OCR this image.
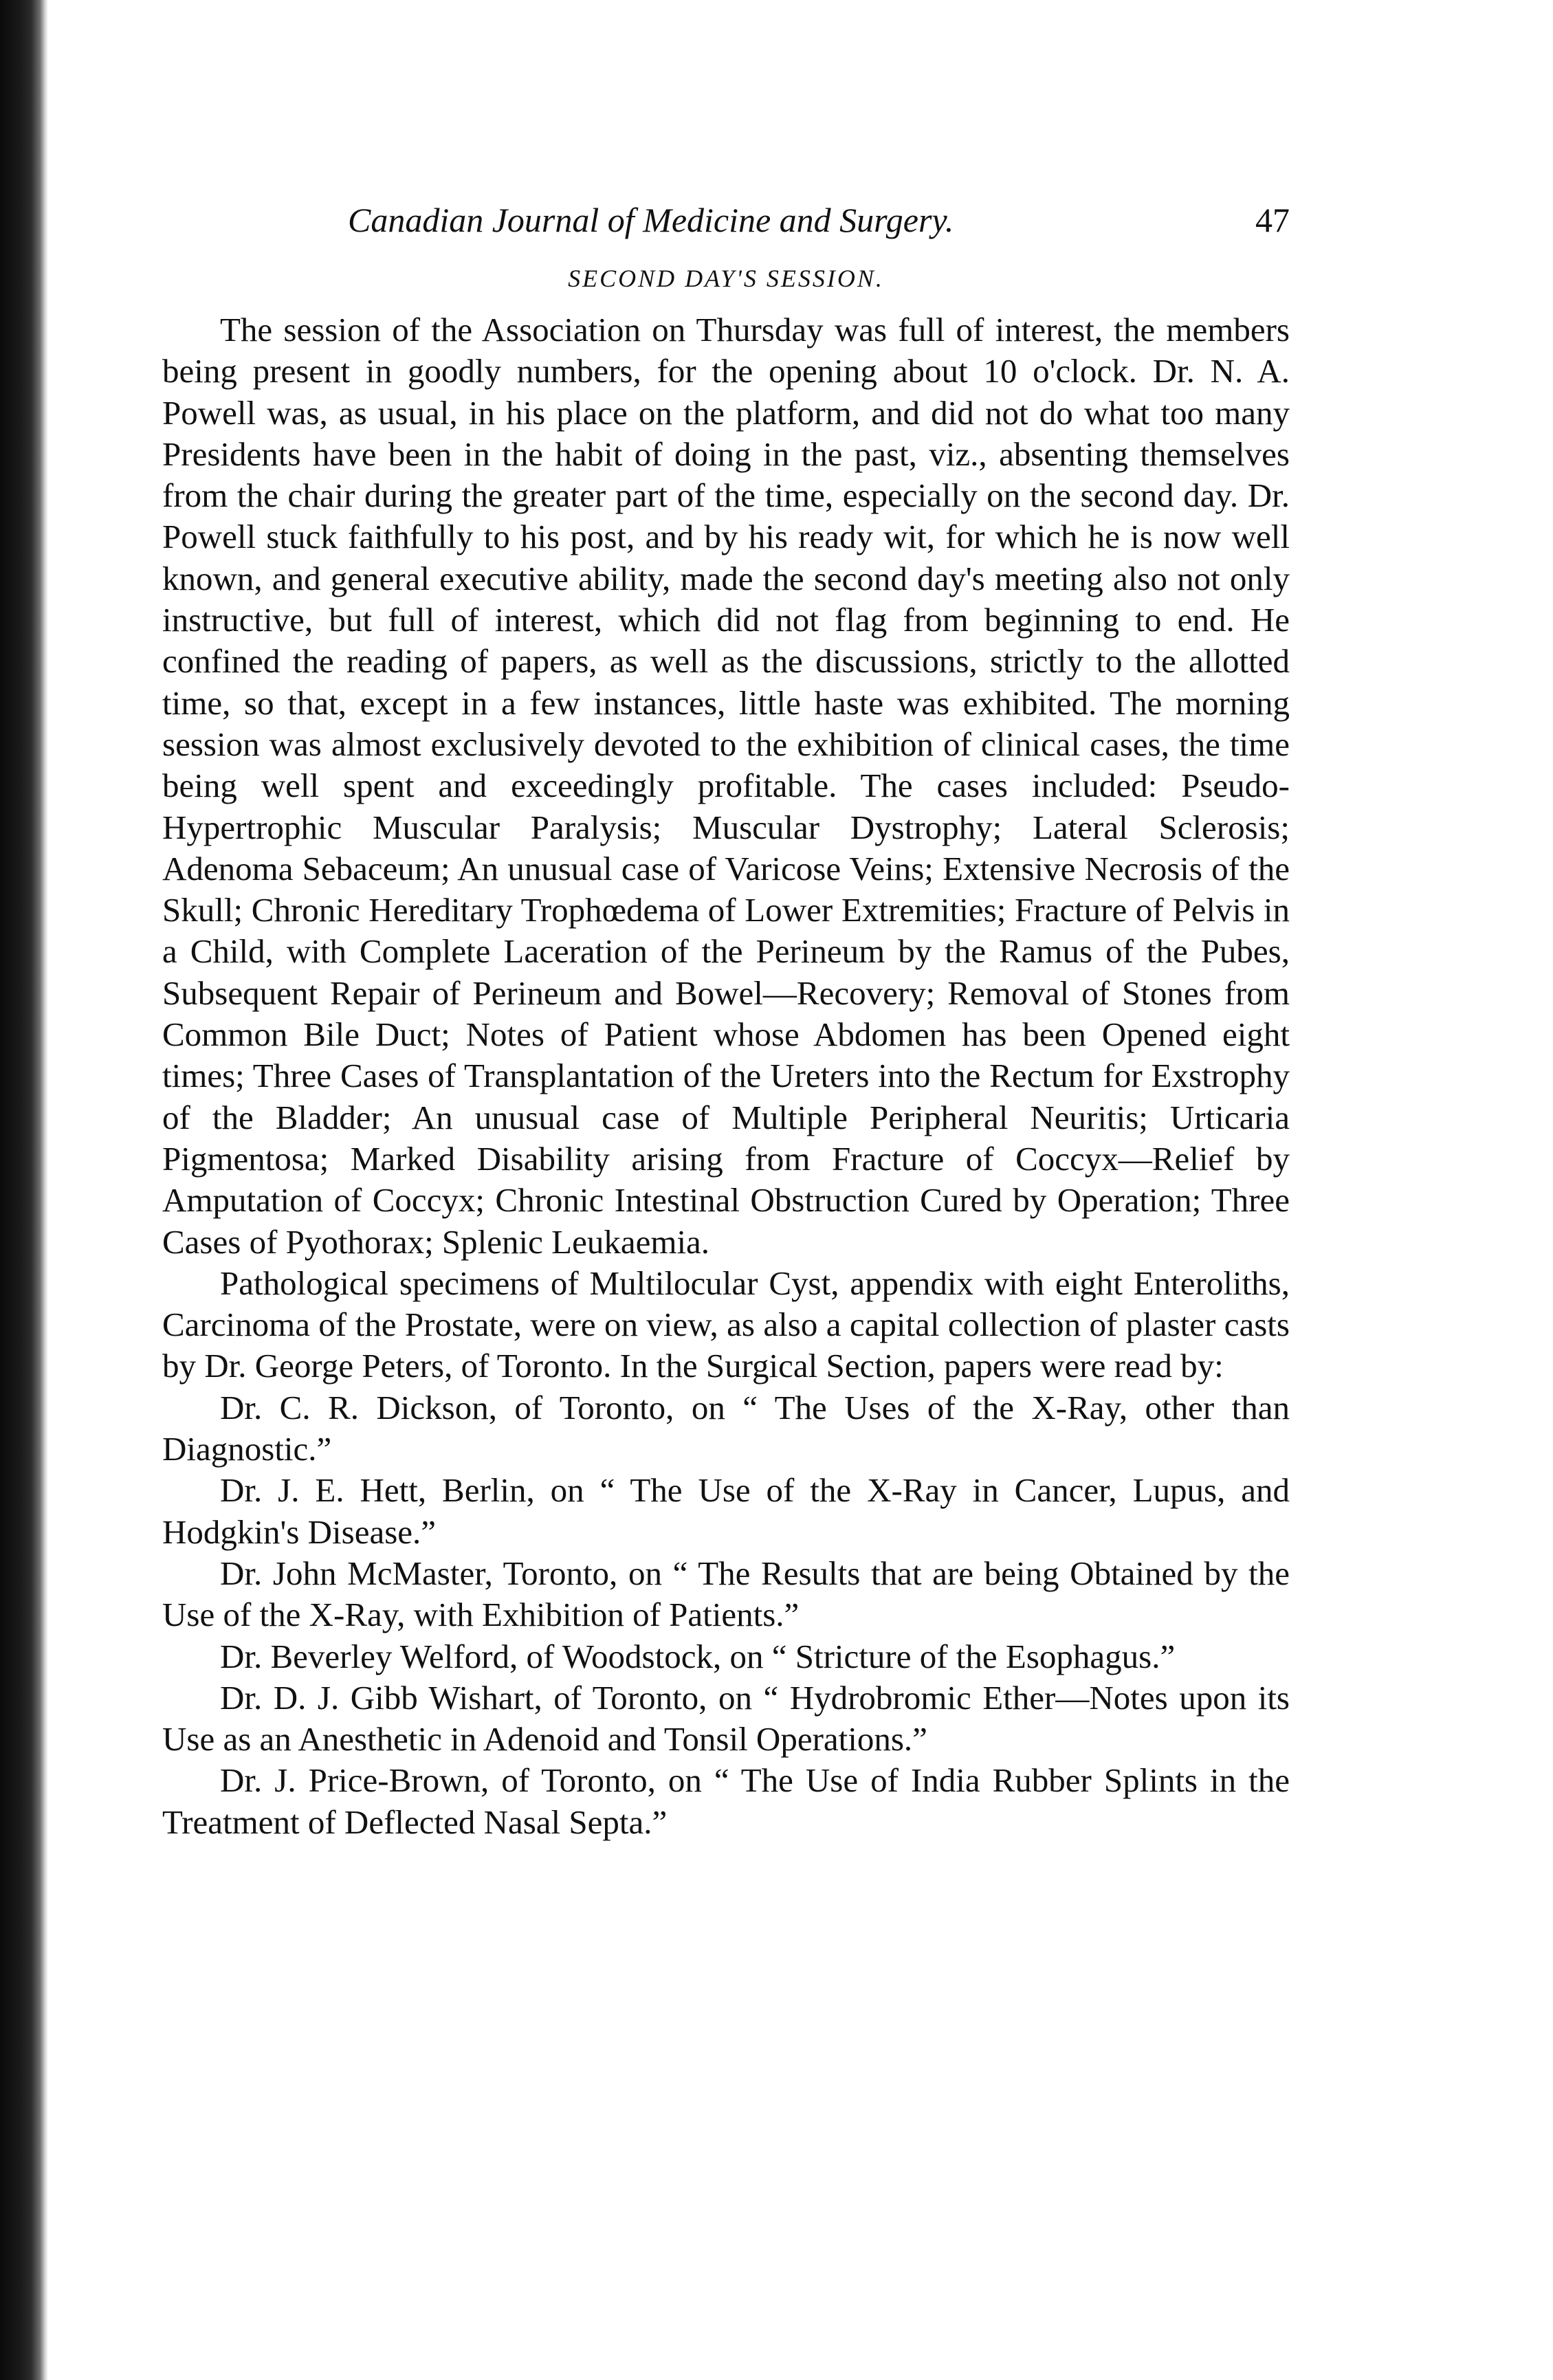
Canadian Journal of Medicine and Surgery.	47
SECOND DAY'S SESSION.

The session of the Association on Thursday was full of interest, the members being present in goodly numbers, for the opening about 10 o'clock. Dr. N. A. Powell was, as usual, in his place on the platform, and did not do what too many Presidents have been in the habit of doing in the past, viz., absenting themselves from the chair during the greater part of the time, especially on the second day. Dr. Powell stuck faithfully to his post, and by his ready wit, for which he is now well known, and general executive ability, made the second day's meeting also not only instructive, but full of interest, which did not flag from beginning to end. He confined the reading of papers, as well as the discussions, strictly to the allotted time, so that, except in a few instances, little haste was exhibited. The morning session was almost exclusively devoted to the exhibition of clinical cases, the time being well spent and exceedingly profitable. The cases included: Pseudo-Hypertrophic Muscular Paralysis; Muscular Dystrophy; Lateral Sclerosis; Adenoma Sebaceum; An unusual case of Varicose Veins; Extensive Necrosis of the Skull; Chronic Hereditary Trophœdema of Lower Extremities; Fracture of Pelvis in a Child, with Complete Laceration of the Perineum by the Ramus of the Pubes, Subsequent Repair of Perineum and Bowel—Recovery; Removal of Stones from Common Bile Duct; Notes of Patient whose Abdomen has been Opened eight times; Three Cases of Transplantation of the Ureters into the Rectum for Exstrophy of the Bladder; An unusual case of Multiple Peripheral Neuritis; Urticaria Pigmentosa; Marked Disability arising from Fracture of Coccyx—Relief by Amputation of Coccyx; Chronic Intestinal Obstruction Cured by Operation; Three Cases of Pyothorax; Splenic Leukaemia.

Pathological specimens of Multilocular Cyst, appendix with eight Enteroliths, Carcinoma of the Prostate, were on view, as also a capital collection of plaster casts by Dr. George Peters, of Toronto. In the Surgical Section, papers were read by:

Dr. C. R. Dickson, of Toronto, on “ The Uses of the X-Ray, other than Diagnostic.”

Dr. J. E. Hett, Berlin, on “ The Use of the X-Ray in Cancer, Lupus, and Hodgkin's Disease.”

Dr. John McMaster, Toronto, on “ The Results that are being Obtained by the Use of the X-Ray, with Exhibition of Patients.”

Dr. Beverley Welford, of Woodstock, on “ Stricture of the Esophagus.”

Dr. D. J. Gibb Wishart, of Toronto, on “ Hydrobromic Ether—Notes upon its Use as an Anesthetic in Adenoid and Tonsil Operations.”

Dr. J. Price-Brown, of Toronto, on “ The Use of India Rubber Splints in the Treatment of Deflected Nasal Septa.”
